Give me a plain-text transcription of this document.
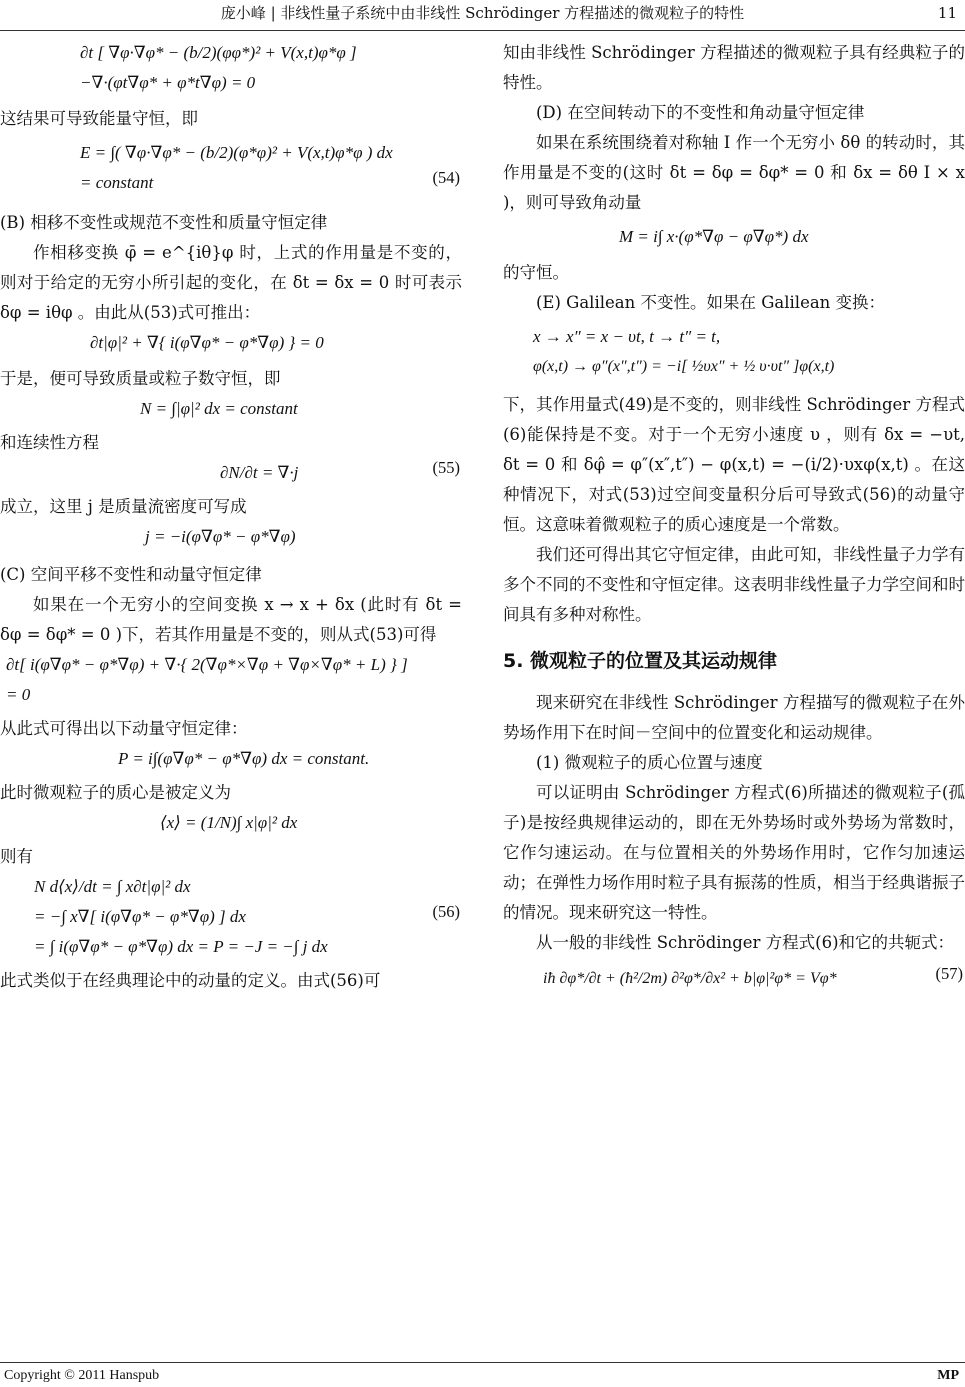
庞小峰 | 非线性量子系统中由非线性 Schrödinger 方程描述的微观粒子的特性	11
∂t [ ∇φ·∇φ* − (b/2)(φφ*)² + V(x,t)φ*φ ]
−∇·(φt∇φ* + φ*t∇φ) = 0

这结果可导致能量守恒，即

E = ∫( ∇φ·∇φ* − (b/2)(φ*φ)² + V(x,t)φ*φ ) dx
(54)
= constant

(B) 相移不变性或规范不变性和质量守恒定律

作相移变换 φ̄ = e^{iθ}φ 时，上式的作用量是不变的，则对于给定的无穷小所引起的变化，在 δt = δx = 0 时可表示 δφ = iθφ 。由此从(53)式可推出：

∂t|φ|² + ∇{ i(φ∇φ* − φ*∇φ) } = 0

于是，便可导致质量或粒子数守恒，即

N = ∫|φ|² dx = constant

和连续性方程

∂N/∂t = ∇·j	(55)

成立，这里 j 是质量流密度可写成

j = −i(φ∇φ* − φ*∇φ)

(C) 空间平移不变性和动量守恒定律

如果在一个无穷小的空间变换 x → x + δx (此时有 δt = δφ = δφ* = 0 )下，若其作用量是不变的，则从式(53)可得

∂t[ i(φ∇φ* − φ*∇φ) + ∇·{ 2(∇φ*×∇φ + ∇φ×∇φ* + L) } ]
= 0

从此式可得出以下动量守恒定律：

P = i∫(φ∇φ* − φ*∇φ) dx = constant.

此时微观粒子的质心是被定义为

⟨x⟩ = (1/N)∫ x|φ|² dx

则有

N d⟨x⟩/dt = ∫ x∂t|φ|² dx
= −∫ x∇[ i(φ∇φ* − φ*∇φ) ] dx	(56)
= ∫ i(φ∇φ* − φ*∇φ) dx = P = −J = −∫ j dx

此式类似于在经典理论中的动量的定义。由式(56)可

知由非线性 Schrödinger 方程描述的微观粒子具有经典粒子的特性。

(D) 在空间转动下的不变性和角动量守恒定律

如果在系统围绕着对称轴 I 作一个无穷小 δθ 的转动时，其作用量是不变的(这时 δt = δφ = δφ* = 0 和 δx = δθ I × x )，则可导致角动量

M = i∫ x·(φ*∇φ − φ∇φ*) dx

的守恒。

(E) Galilean 不变性。如果在 Galilean 变换：

x → x″ = x − υt, t → t″ = t,
φ(x,t) → φ″(x″,t″) = −i[ ½υx″ + ½ υ·υt″ ]φ(x,t)

下，其作用量式(49)是不变的，则非线性 Schrödinger 方程式(6)能保持是不变。对于一个无穷小速度 υ ，则有 δx = −υt, δt = 0 和 δφ̂ = φ″(x″,t″) − φ(x,t) = −(i/2)·υxφ(x,t) 。在这种情况下，对式(53)过空间变量积分后可导致式(56)的动量守恒。这意味着微观粒子的质心速度是一个常数。

我们还可得出其它守恒定律，由此可知，非线性量子力学有多个不同的不变性和守恒定律。这表明非线性量子力学空间和时间具有多种对称性。

5. 微观粒子的位置及其运动规律

现来研究在非线性 Schrödinger 方程描写的微观粒子在外势场作用下在时间－空间中的位置变化和运动规律。

(1) 微观粒子的质心位置与速度

可以证明由 Schrödinger 方程式(6)所描述的微观粒子(孤子)是按经典规律运动的，即在无外势场时或外势场为常数时，它作匀速运动。在与位置相关的外势场作用时，它作匀加速运动；在弹性力场作用时粒子具有振荡的性质，相当于经典谐振子的情况。现来研究这一特性。

从一般的非线性 Schrödinger 方程式(6)和它的共轭式：

iħ ∂φ*/∂t + (ħ²/2m) ∂²φ*/∂x² + b|φ|²φ* = Vφ*	(57)
Copyright © 2011 Hanspub	MP
